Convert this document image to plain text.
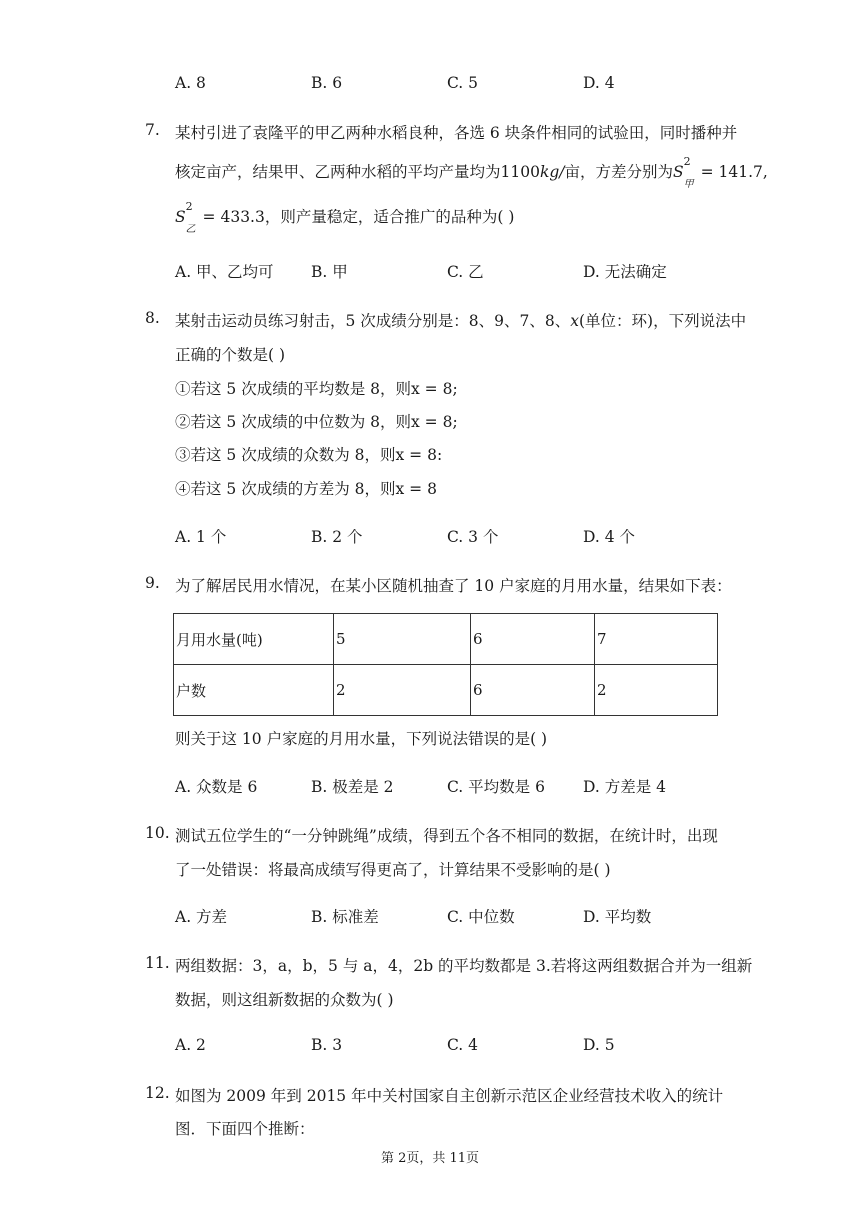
A. 8	B. 6	C. 5	D. 4
7. 某村引进了袁隆平的甲乙两种水稻良种，各选 6 块条件相同的试验田，同时播种并
核定亩产，结果甲、乙两种水稻的平均产量均为1100kg/亩，方差分别为S
2
甲
= 141.7,
S
2
乙
= 433.3，则产量稳定，适合推广的品种为( )
A. 甲、乙均可 B. 甲	C. 乙	D. 无法确定
8. 某射击运动员练习射击，5 次成绩分别是：8、9、7、8、x(单位：环)，下列说法中
正确的个数是( )
①若这 5 次成绩的平均数是 8，则x = 8;
②若这 5 次成绩的中位数为 8，则x = 8;
③若这 5 次成绩的众数为 8，则x = 8:
④若这 5 次成绩的方差为 8，则x = 8
A. 1 个	B. 2 个	C. 3 个	D. 4 个
9. 为了解居民用水情况，在某小区随机抽查了 10 户家庭的月用水量，结果如下表：
月用水量(吨)	5	6	7
户数	2	6	2
则关于这 10 户家庭的月用水量，下列说法错误的是( )
A. 众数是 6	B. 极差是 2	C. 平均数是 6 D. 方差是 4
10. 测试五位学生的“一分钟跳绳”成绩，得到五个各不相同的数据，在统计时，出现
了一处错误：将最高成绩写得更高了，计算结果不受影响的是( )
A. 方差	B. 标准差	C. 中位数	D. 平均数
11. 两组数据：3，a，b，5 与 a，4，2b 的平均数都是 3.若将这两组数据合并为一组新
数据，则这组新数据的众数为( )
A. 2	B. 3	C. 4	D. 5
12. 如图为 2009 年到 2015 年中关村国家自主创新示范区企业经营技术收入的统计
图．下面四个推断：
第 2页，共 11页
